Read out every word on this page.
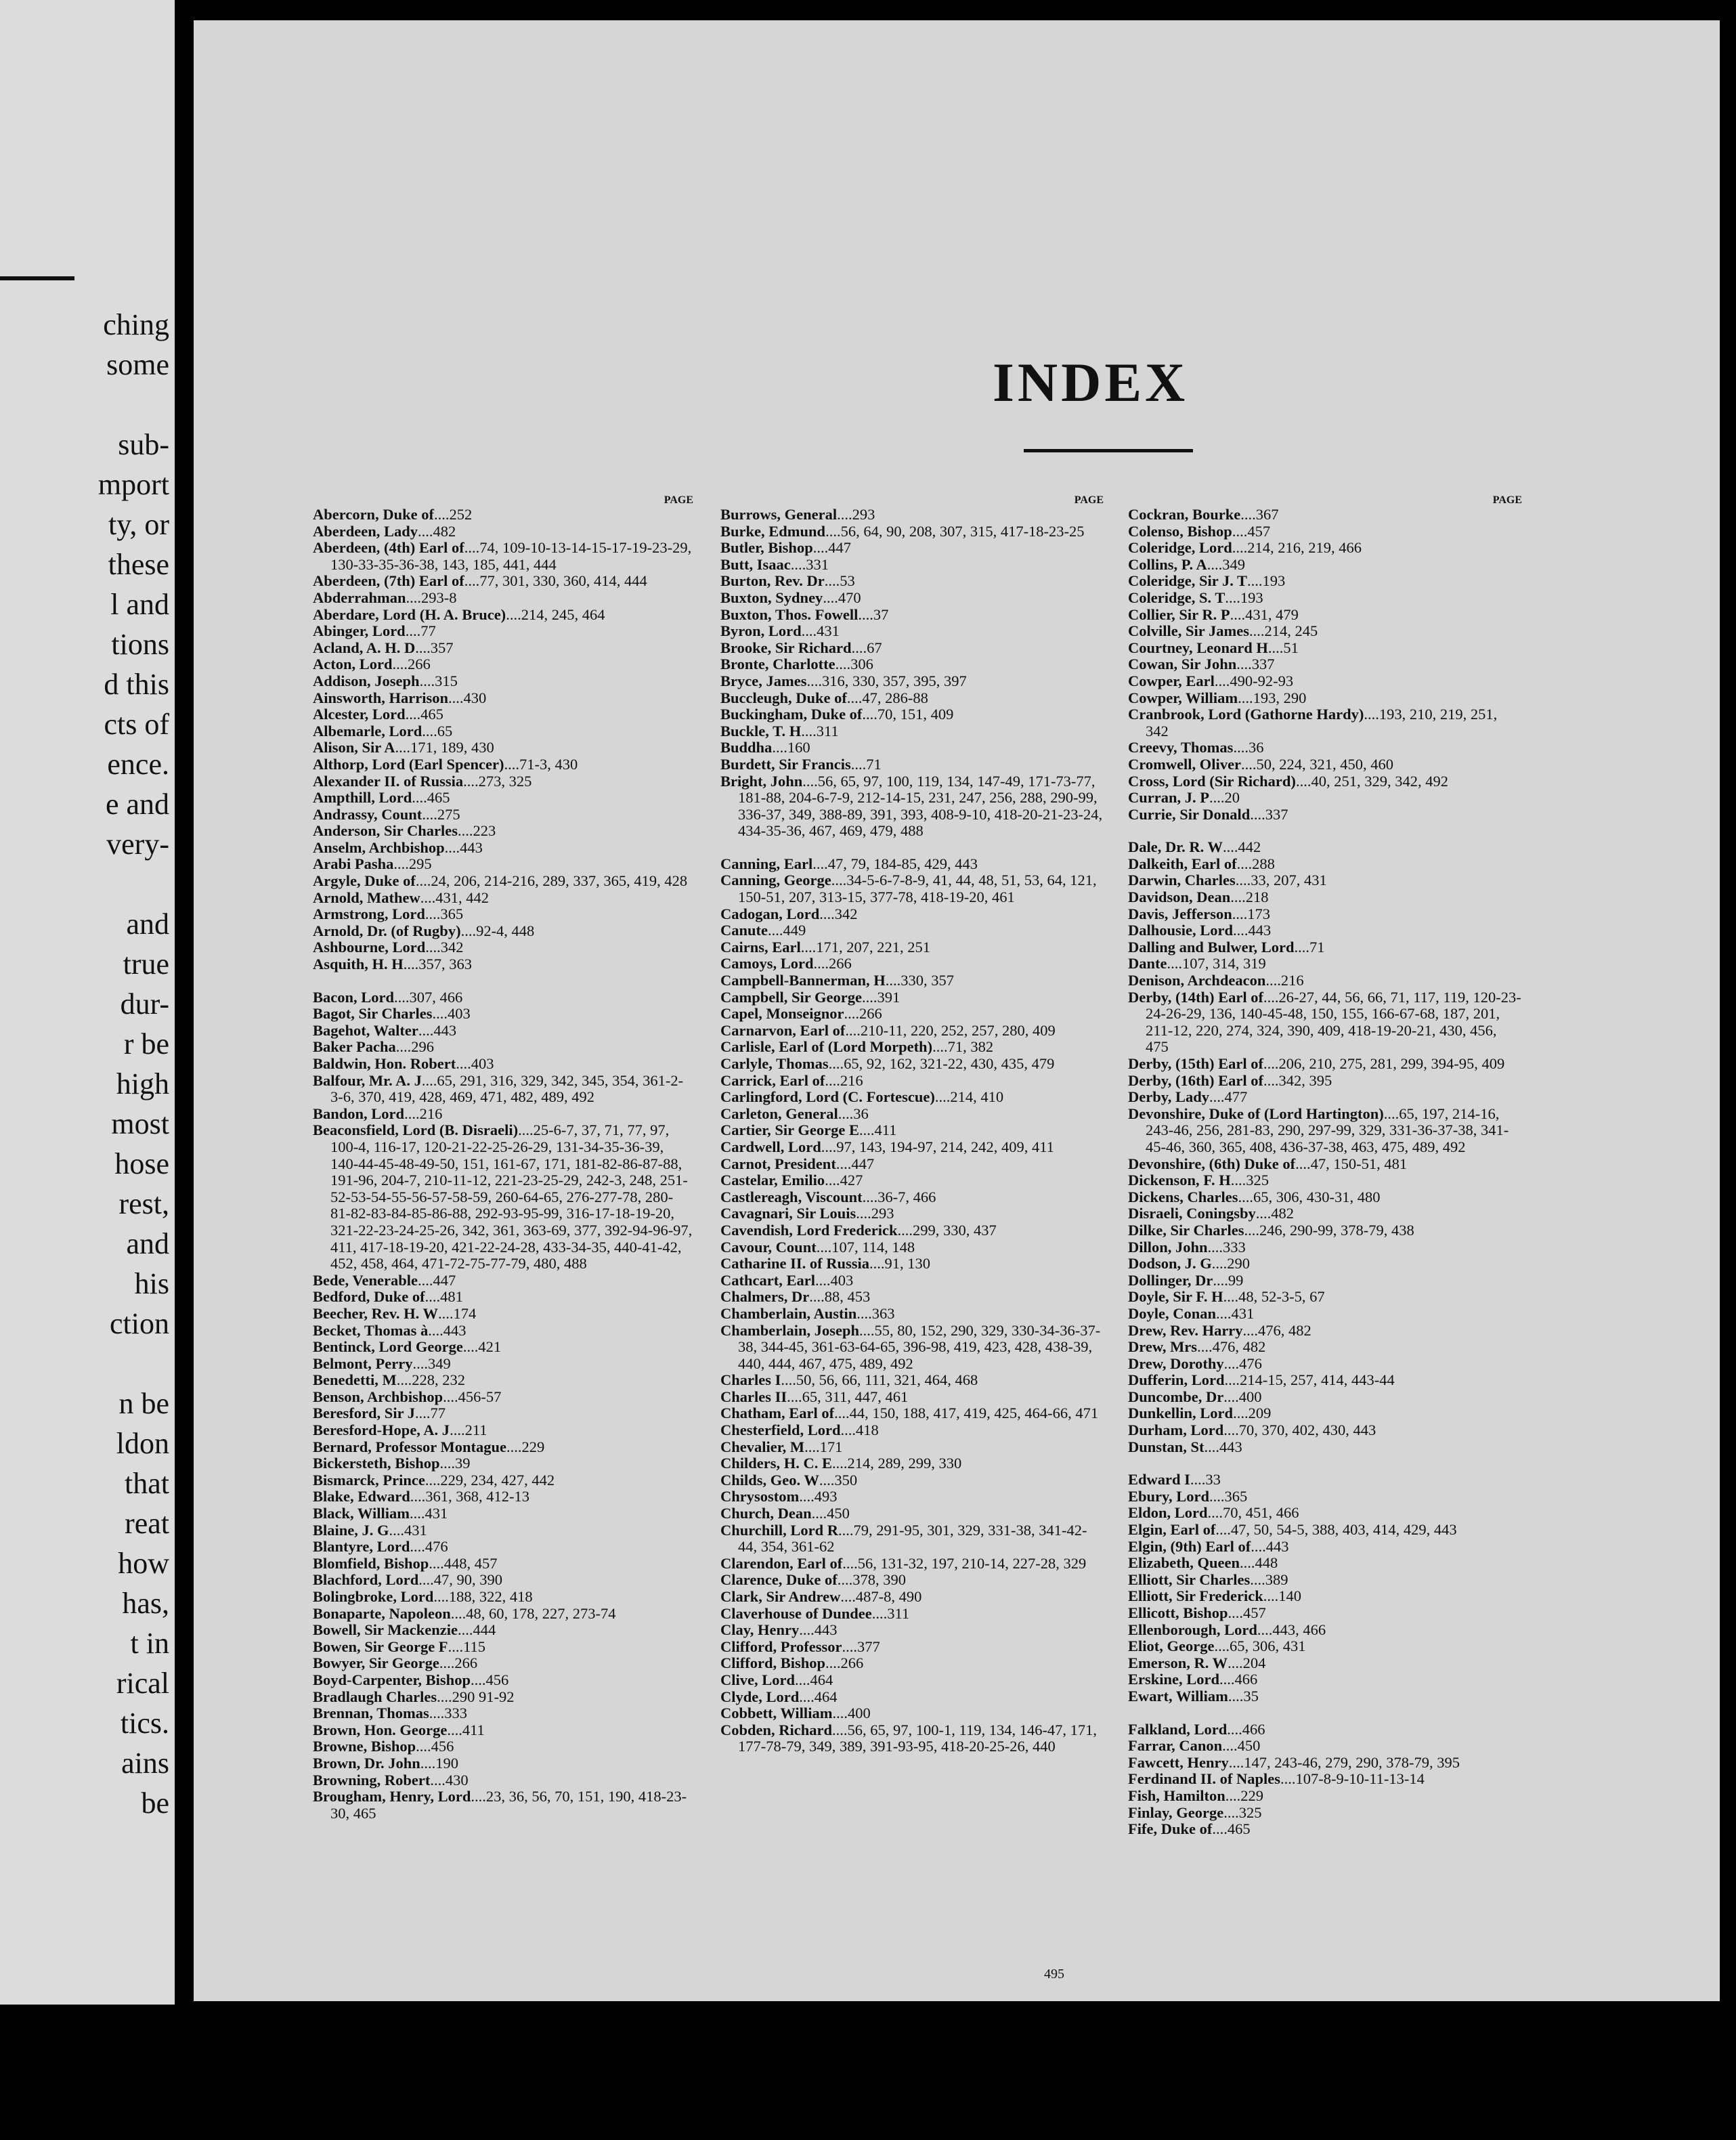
ching
some
sub-
mport
ty, or
these
l and
tions
d this
cts of
ence.
e and
very-
and
true
dur-
r be
high
most
hose
rest,
and
his
ction
n be
ldon
that
reat
how
has,
t in
rical
tics.
ains
be
INDEX
PAGE
Abercorn, Duke of....252
Aberdeen, Lady....482
Aberdeen, (4th) Earl of....74, 109-10-13-14-15-17-19-23-29, 130-33-35-36-38, 143, 185, 441, 444
Aberdeen, (7th) Earl of....77, 301, 330, 360, 414, 444
Abderrahman....293-8
Aberdare, Lord (H. A. Bruce)....214, 245, 464
Abinger, Lord....77
Acland, A. H. D....357
Acton, Lord....266
Addison, Joseph....315
Ainsworth, Harrison....430
Alcester, Lord....465
Albemarle, Lord....65
Alison, Sir A....171, 189, 430
Althorp, Lord (Earl Spencer)....71-3, 430
Alexander II. of Russia....273, 325
Ampthill, Lord....465
Andrassy, Count....275
Anderson, Sir Charles....223
Anselm, Archbishop....443
Arabi Pasha....295
Argyle, Duke of....24, 206, 214-216, 289, 337, 365, 419, 428
Arnold, Mathew....431, 442
Armstrong, Lord....365
Arnold, Dr. (of Rugby)....92-4, 448
Ashbourne, Lord....342
Asquith, H. H....357, 363
Bacon, Lord....307, 466
Bagot, Sir Charles....403
Bagehot, Walter....443
Baker Pacha....296
Baldwin, Hon. Robert....403
Balfour, Mr. A. J....65, 291, 316, 329, 342, 345, 354, 361-2-3-6, 370, 419, 428, 469, 471, 482, 489, 492
Bandon, Lord....216
Beaconsfield, Lord (B. Disraeli)....25-6-7, 37, 71, 77, 97, 100-4, 116-17, 120-21-22-25-26-29, 131-34-35-36-39, 140-44-45-48-49-50, 151, 161-67, 171, 181-82-86-87-88, 191-96, 204-7, 210-11-12, 221-23-25-29, 242-3, 248, 251-52-53-54-55-56-57-58-59, 260-64-65, 276-277-78, 280-81-82-83-84-85-86-88, 292-93-95-99, 316-17-18-19-20, 321-22-23-24-25-26, 342, 361, 363-69, 377, 392-94-96-97, 411, 417-18-19-20, 421-22-24-28, 433-34-35, 440-41-42, 452, 458, 464, 471-72-75-77-79, 480, 488
Bede, Venerable....447
Bedford, Duke of....481
Beecher, Rev. H. W....174
Becket, Thomas à....443
Bentinck, Lord George....421
Belmont, Perry....349
Benedetti, M....228, 232
Benson, Archbishop....456-57
Beresford, Sir J....77
Beresford-Hope, A. J....211
Bernard, Professor Montague....229
Bickersteth, Bishop....39
Bismarck, Prince....229, 234, 427, 442
Blake, Edward....361, 368, 412-13
Black, William....431
Blaine, J. G....431
Blantyre, Lord....476
Blomfield, Bishop....448, 457
Blachford, Lord....47, 90, 390
Bolingbroke, Lord....188, 322, 418
Bonaparte, Napoleon....48, 60, 178, 227, 273-74
Bowell, Sir Mackenzie....444
Bowen, Sir George F....115
Bowyer, Sir George....266
Boyd-Carpenter, Bishop....456
Bradlaugh Charles....290 91-92
Brennan, Thomas....333
Brown, Hon. George....411
Browne, Bishop....456
Brown, Dr. John....190
Browning, Robert....430
Brougham, Henry, Lord....23, 36, 56, 70, 151, 190, 418-23-30, 465
PAGE
Burrows, General....293
Burke, Edmund....56, 64, 90, 208, 307, 315, 417-18-23-25
Butler, Bishop....447
Butt, Isaac....331
Burton, Rev. Dr....53
Buxton, Sydney....470
Buxton, Thos. Fowell....37
Byron, Lord....431
Brooke, Sir Richard....67
Bronte, Charlotte....306
Bryce, James....316, 330, 357, 395, 397
Buccleugh, Duke of....47, 286-88
Buckingham, Duke of....70, 151, 409
Buckle, T. H....311
Buddha....160
Burdett, Sir Francis....71
Bright, John....56, 65, 97, 100, 119, 134, 147-49, 171-73-77, 181-88, 204-6-7-9, 212-14-15, 231, 247, 256, 288, 290-99, 336-37, 349, 388-89, 391, 393, 408-9-10, 418-20-21-23-24, 434-35-36, 467, 469, 479, 488
Canning, Earl....47, 79, 184-85, 429, 443
Canning, George....34-5-6-7-8-9, 41, 44, 48, 51, 53, 64, 121, 150-51, 207, 313-15, 377-78, 418-19-20, 461
Cadogan, Lord....342
Canute....449
Cairns, Earl....171, 207, 221, 251
Camoys, Lord....266
Campbell-Bannerman, H....330, 357
Campbell, Sir George....391
Capel, Monseignor....266
Carnarvon, Earl of....210-11, 220, 252, 257, 280, 409
Carlisle, Earl of (Lord Morpeth)....71, 382
Carlyle, Thomas....65, 92, 162, 321-22, 430, 435, 479
Carrick, Earl of....216
Carlingford, Lord (C. Fortescue)....214, 410
Carleton, General....36
Cartier, Sir George E....411
Cardwell, Lord....97, 143, 194-97, 214, 242, 409, 411
Carnot, President....447
Castelar, Emilio....427
Castlereagh, Viscount....36-7, 466
Cavagnari, Sir Louis....293
Cavendish, Lord Frederick....299, 330, 437
Cavour, Count....107, 114, 148
Catharine II. of Russia....91, 130
Cathcart, Earl....403
Chalmers, Dr....88, 453
Chamberlain, Austin....363
Chamberlain, Joseph....55, 80, 152, 290, 329, 330-34-36-37-38, 344-45, 361-63-64-65, 396-98, 419, 423, 428, 438-39, 440, 444, 467, 475, 489, 492
Charles I....50, 56, 66, 111, 321, 464, 468
Charles II....65, 311, 447, 461
Chatham, Earl of....44, 150, 188, 417, 419, 425, 464-66, 471
Chesterfield, Lord....418
Chevalier, M....171
Childers, H. C. E....214, 289, 299, 330
Childs, Geo. W....350
Chrysostom....493
Church, Dean....450
Churchill, Lord R....79, 291-95, 301, 329, 331-38, 341-42-44, 354, 361-62
Clarendon, Earl of....56, 131-32, 197, 210-14, 227-28, 329
Clarence, Duke of....378, 390
Clark, Sir Andrew....487-8, 490
Claverhouse of Dundee....311
Clay, Henry....443
Clifford, Professor....377
Clifford, Bishop....266
Clive, Lord....464
Clyde, Lord....464
Cobbett, William....400
Cobden, Richard....56, 65, 97, 100-1, 119, 134, 146-47, 171, 177-78-79, 349, 389, 391-93-95, 418-20-25-26, 440
PAGE
Cockran, Bourke....367
Colenso, Bishop....457
Coleridge, Lord....214, 216, 219, 466
Collins, P. A....349
Coleridge, Sir J. T....193
Coleridge, S. T....193
Collier, Sir R. P....431, 479
Colville, Sir James....214, 245
Courtney, Leonard H....51
Cowan, Sir John....337
Cowper, Earl....490-92-93
Cowper, William....193, 290
Cranbrook, Lord (Gathorne Hardy)....193, 210, 219, 251, 342
Creevy, Thomas....36
Cromwell, Oliver....50, 224, 321, 450, 460
Cross, Lord (Sir Richard)....40, 251, 329, 342, 492
Curran, J. P....20
Currie, Sir Donald....337
Dale, Dr. R. W....442
Dalkeith, Earl of....288
Darwin, Charles....33, 207, 431
Davidson, Dean....218
Davis, Jefferson....173
Dalhousie, Lord....443
Dalling and Bulwer, Lord....71
Dante....107, 314, 319
Denison, Archdeacon....216
Derby, (14th) Earl of....26-27, 44, 56, 66, 71, 117, 119, 120-23-24-26-29, 136, 140-45-48, 150, 155, 166-67-68, 187, 201, 211-12, 220, 274, 324, 390, 409, 418-19-20-21, 430, 456, 475
Derby, (15th) Earl of....206, 210, 275, 281, 299, 394-95, 409
Derby, (16th) Earl of....342, 395
Derby, Lady....477
Devonshire, Duke of (Lord Hartington)....65, 197, 214-16, 243-46, 256, 281-83, 290, 297-99, 329, 331-36-37-38, 341-45-46, 360, 365, 408, 436-37-38, 463, 475, 489, 492
Devonshire, (6th) Duke of....47, 150-51, 481
Dickenson, F. H....325
Dickens, Charles....65, 306, 430-31, 480
Disraeli, Coningsby....482
Dilke, Sir Charles....246, 290-99, 378-79, 438
Dillon, John....333
Dodson, J. G....290
Dollinger, Dr....99
Doyle, Sir F. H....48, 52-3-5, 67
Doyle, Conan....431
Drew, Rev. Harry....476, 482
Drew, Mrs....476, 482
Drew, Dorothy....476
Dufferin, Lord....214-15, 257, 414, 443-44
Duncombe, Dr....400
Dunkellin, Lord....209
Durham, Lord....70, 370, 402, 430, 443
Dunstan, St....443
Edward I....33
Ebury, Lord....365
Eldon, Lord....70, 451, 466
Elgin, Earl of....47, 50, 54-5, 388, 403, 414, 429, 443
Elgin, (9th) Earl of....443
Elizabeth, Queen....448
Elliott, Sir Charles....389
Elliott, Sir Frederick....140
Ellicott, Bishop....457
Ellenborough, Lord....443, 466
Eliot, George....65, 306, 431
Emerson, R. W....204
Erskine, Lord....466
Ewart, William....35
Falkland, Lord....466
Farrar, Canon....450
Fawcett, Henry....147, 243-46, 279, 290, 378-79, 395
Ferdinand II. of Naples....107-8-9-10-11-13-14
Fish, Hamilton....229
Finlay, George....325
Fife, Duke of....465
495
